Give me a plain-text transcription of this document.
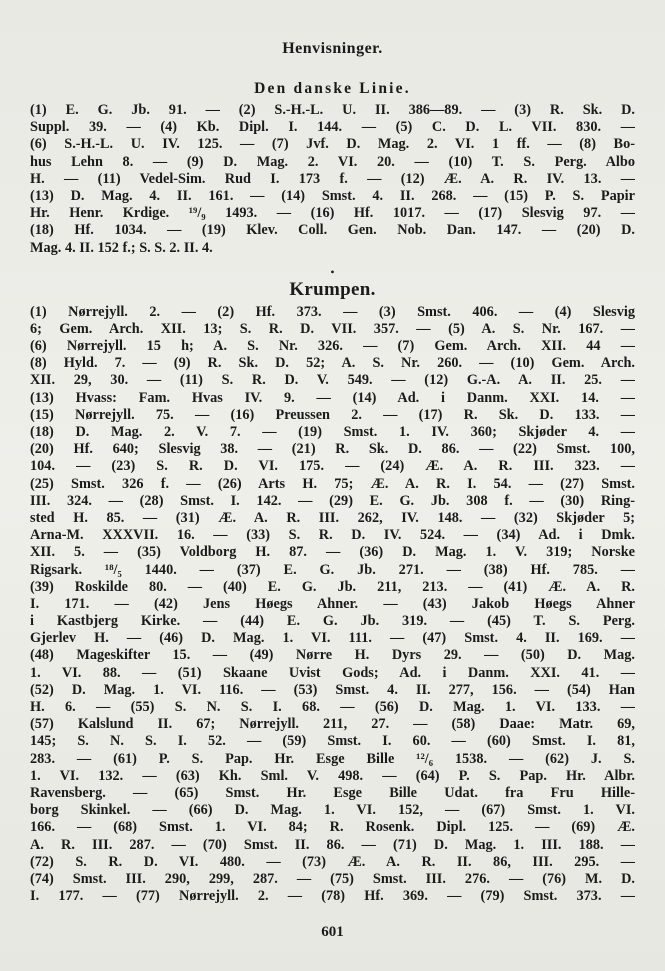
Henvisninger.
Den danske Linie.
(1) E. G. Jb. 91. — (2) S.-H.-L. U. II. 386—89. — (3) R. Sk. D.
Suppl. 39. — (4) Kb. Dipl. I. 144. — (5) C. D. L. VII. 830. —
(6) S.-H.-L. U. IV. 125. — (7) Jvf. D. Mag. 2. VI. 1 ff. — (8) Bo-
hus Lehn 8. — (9) D. Mag. 2. VI. 20. — (10) T. S. Perg. Albo
H. — (11) Vedel-Sim. Rud I. 173 f. — (12) Æ. A. R. IV. 13. —
(13) D. Mag. 4. II. 161. — (14) Smst. 4. II. 268. — (15) P. S. Papir
Hr. Henr. Krdige. ¹⁹/₉ 1493. — (16) Hf. 1017. — (17) Slesvig 97. —
(18) Hf. 1034. — (19) Klev. Coll. Gen. Nob. Dan. 147. — (20) D.
Mag. 4. II. 152 f.; S. S. 2. II. 4.
•
Krumpen.
(1) Nørrejyll. 2. — (2) Hf. 373. — (3) Smst. 406. — (4) Slesvig
6; Gem. Arch. XII. 13; S. R. D. VII. 357. — (5) A. S. Nr. 167. —
(6) Nørrejyll. 15 h; A. S. Nr. 326. — (7) Gem. Arch. XII. 44 —
(8) Hyld. 7. — (9) R. Sk. D. 52; A. S. Nr. 260. — (10) Gem. Arch.
XII. 29, 30. — (11) S. R. D. V. 549. — (12) G.-A. A. II. 25. —
(13) Hvass: Fam. Hvas IV. 9. — (14) Ad. i Danm. XXI. 14. —
(15) Nørrejyll. 75. — (16) Preussen 2. — (17) R. Sk. D. 133. —
(18) D. Mag. 2. V. 7. — (19) Smst. 1. IV. 360; Skjøder 4. —
(20) Hf. 640; Slesvig 38. — (21) R. Sk. D. 86. — (22) Smst. 100,
104. — (23) S. R. D. VI. 175. — (24) Æ. A. R. III. 323. —
(25) Smst. 326 f. — (26) Arts H. 75; Æ. A. R. I. 54. — (27) Smst.
III. 324. — (28) Smst. I. 142. — (29) E. G. Jb. 308 f. — (30) Ring-
sted H. 85. — (31) Æ. A. R. III. 262, IV. 148. — (32) Skjøder 5;
Arna-M. XXXVII. 16. — (33) S. R. D. IV. 524. — (34) Ad. i Dmk.
XII. 5. — (35) Voldborg H. 87. — (36) D. Mag. 1. V. 319; Norske
Rigsark. ¹⁸/₅ 1440. — (37) E. G. Jb. 271. — (38) Hf. 785. —
(39) Roskilde 80. — (40) E. G. Jb. 211, 213. — (41) Æ. A. R.
I. 171. — (42) Jens Høegs Ahner. — (43) Jakob Høegs Ahner
i Kastbjerg Kirke. — (44) E. G. Jb. 319. — (45) T. S. Perg.
Gjerlev H. — (46) D. Mag. 1. VI. 111. — (47) Smst. 4. II. 169. —
(48) Mageskifter 15. — (49) Nørre H. Dyrs 29. — (50) D. Mag.
1. VI. 88. — (51) Skaane Uvist Gods; Ad. i Danm. XXI. 41. —
(52) D. Mag. 1. VI. 116. — (53) Smst. 4. II. 277, 156. — (54) Han
H. 6. — (55) S. N. S. I. 68. — (56) D. Mag. 1. VI. 133. —
(57) Kalslund II. 67; Nørrejyll. 211, 27. — (58) Daae: Matr. 69,
145; S. N. S. I. 52. — (59) Smst. I. 60. — (60) Smst. I. 81,
283. — (61) P. S. Pap. Hr. Esge Bille ¹²/₆ 1538. — (62) J. S.
1. VI. 132. — (63) Kh. Sml. V. 498. — (64) P. S. Pap. Hr. Albr.
Ravensberg. — (65) Smst. Hr. Esge Bille Udat. fra Fru Hille-
borg Skinkel. — (66) D. Mag. 1. VI. 152, — (67) Smst. 1. VI.
166. — (68) Smst. 1. VI. 84; R. Rosenk. Dipl. 125. — (69) Æ.
A. R. III. 287. — (70) Smst. II. 86. — (71) D. Mag. 1. III. 188. —
(72) S. R. D. VI. 480. — (73) Æ. A. R. II. 86, III. 295. —
(74) Smst. III. 290, 299, 287. — (75) Smst. III. 276. — (76) M. D.
I. 177. — (77) Nørrejyll. 2. — (78) Hf. 369. — (79) Smst. 373. —
601
